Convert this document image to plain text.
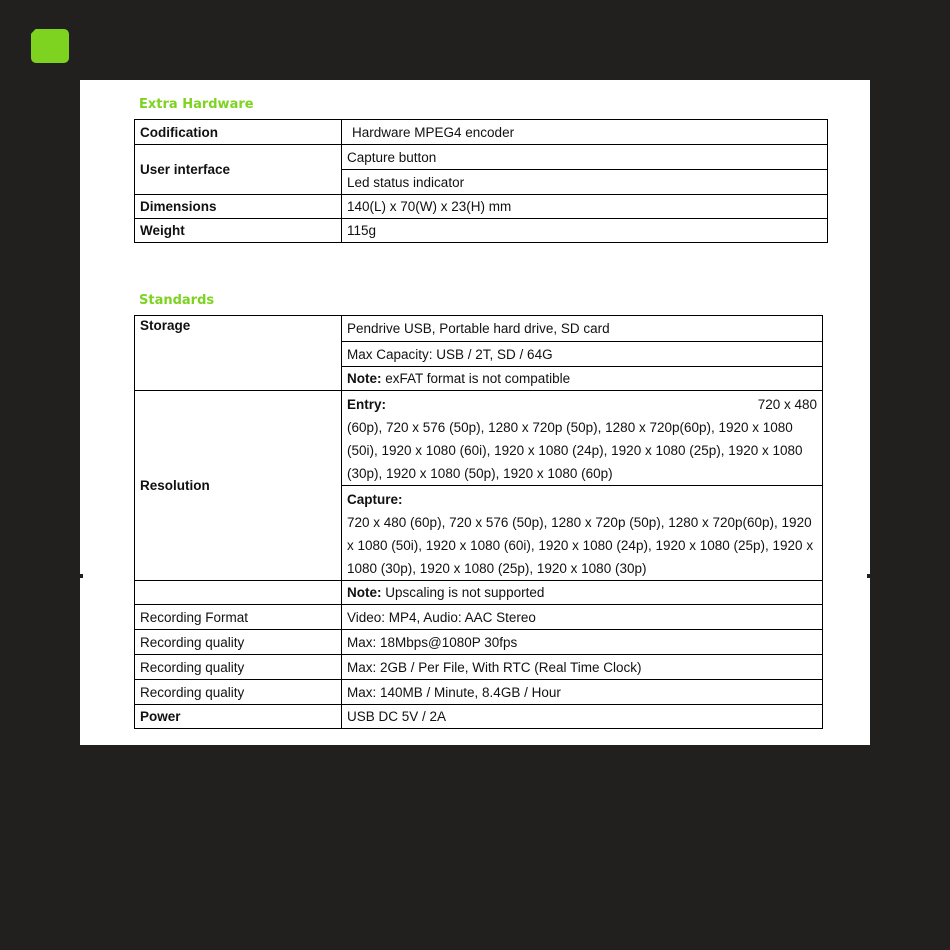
Extra Hardware
Codification	Hardware MPEG4 encoder
User interface	Capture button
	Led status indicator
Dimensions	140(L) x 70(W) x 23(H) mm
Weight	115g
Standards
Storage	Pendrive USB, Portable hard drive, SD card
	Max Capacity: USB / 2T, SD / 64G
	Note: exFAT format is not compatible
Resolution	Entry: 720 x 480
(60p), 720 x 576 (50p), 1280 x 720p (50p), 1280 x 720p(60p), 1920 x 1080 (50i), 1920 x 1080 (60i), 1920 x 1080 (24p), 1920 x 1080 (25p), 1920 x 1080 (30p), 1920 x 1080 (50p), 1920 x 1080 (60p)

	Capture:
720 x 480 (60p), 720 x 576 (50p), 1280 x 720p (50p), 1280 x 720p(60p), 1920 x 1080 (50i), 1920 x 1080 (60i), 1920 x 1080 (24p), 1920 x 1080 (25p), 1920 x 1080 (30p), 1920 x 1080 (25p), 1920 x 1080 (30p)

	Note: Upscaling is not supported
Recording Format	Video: MP4, Audio: AAC Stereo
Recording quality	Max: 18Mbps@1080P 30fps
Recording quality	Max: 2GB / Per File, With RTC (Real Time Clock)
Recording quality	Max: 140MB / Minute, 8.4GB / Hour
Power	USB DC 5V / 2A
